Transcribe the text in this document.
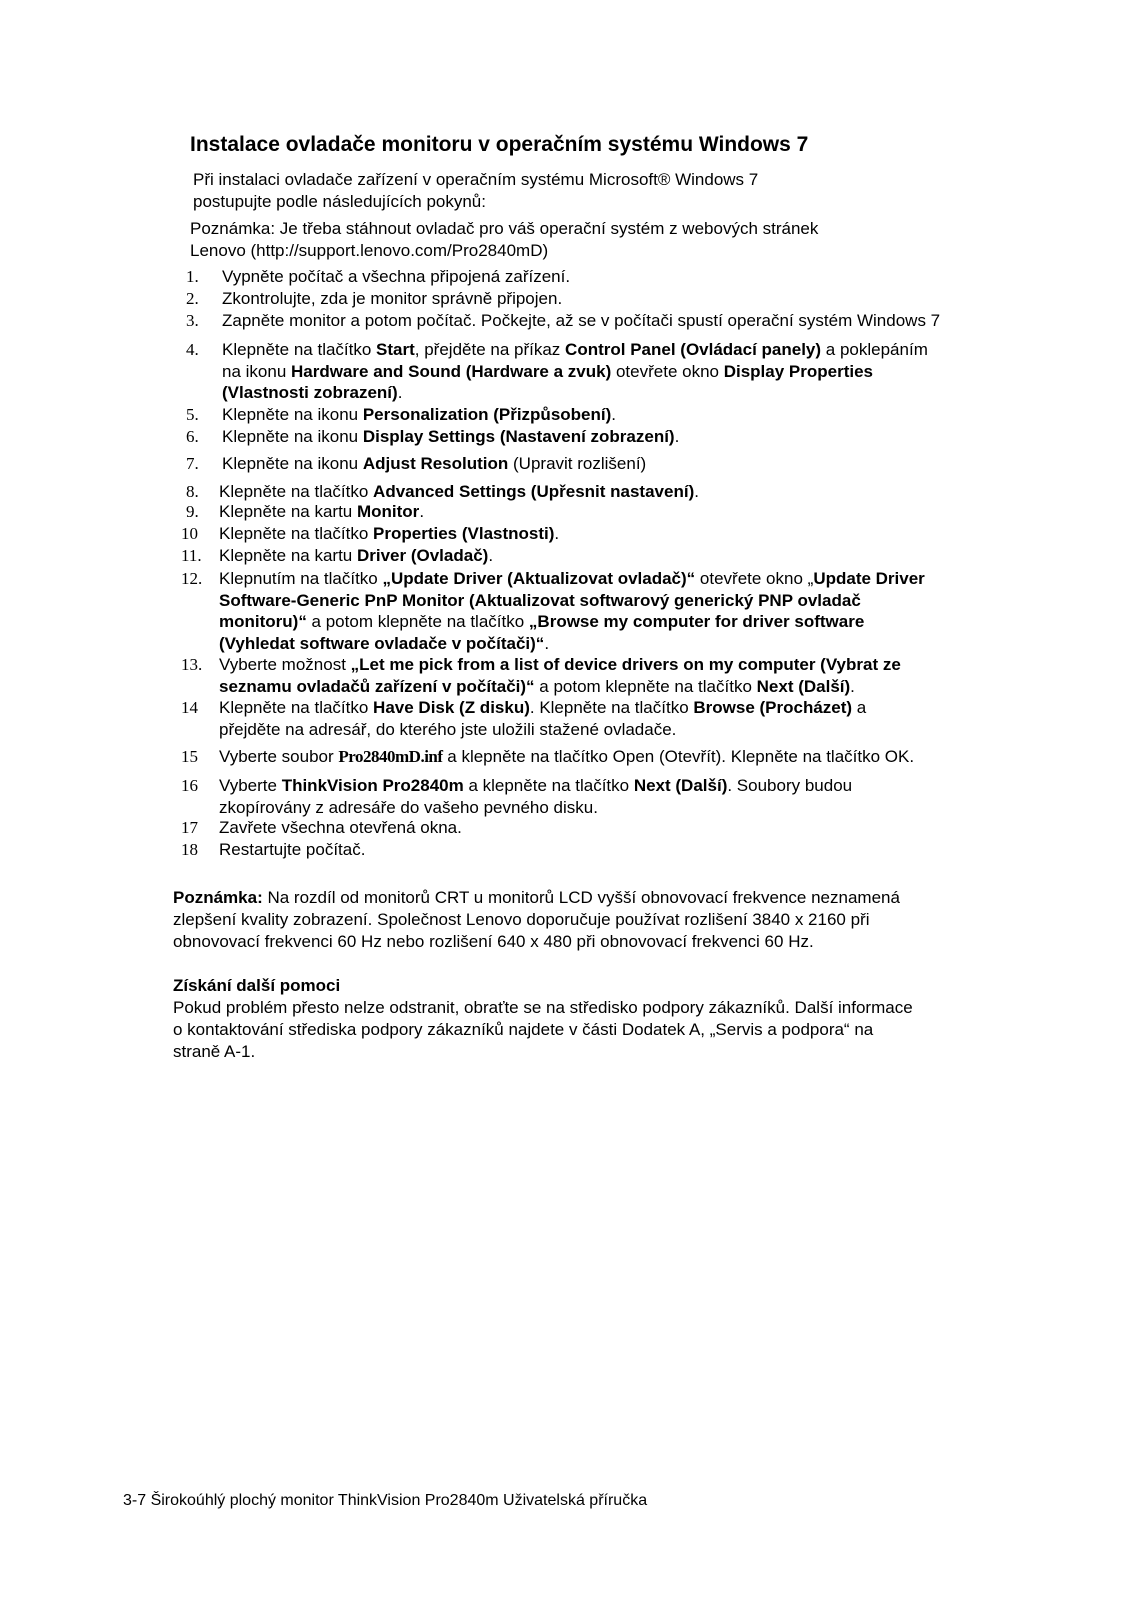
Instalace ovladače monitoru v operačním systému Windows 7
Při instalaci ovladače zařízení v operačním systému Microsoft® Windows 7
postupujte podle následujících pokynů:
Poznámka: Je třeba stáhnout ovladač pro váš operační systém z webových stránek
Lenovo (http://support.lenovo.com/Pro2840mD)
1. Vypněte počítač a všechna připojená zařízení.
2. Zkontrolujte, zda je monitor správně připojen.
3. Zapněte monitor a potom počítač. Počkejte, až se v počítači spustí operační systém Windows 7
4. Klepněte na tlačítko Start, přejděte na příkaz Control Panel (Ovládací panely) a poklepáním
na ikonu Hardware and Sound (Hardware a zvuk) otevřete okno Display Properties
(Vlastnosti zobrazení).
5. Klepněte na ikonu Personalization (Přizpůsobení).
6. Klepněte na ikonu Display Settings (Nastavení zobrazení).
7. Klepněte na ikonu Adjust Resolution (Upravit rozlišení)
8. Klepněte na tlačítko Advanced Settings (Upřesnit nastavení).
9. Klepněte na kartu Monitor.
10 Klepněte na tlačítko Properties (Vlastnosti).
11. Klepněte na kartu Driver (Ovladač).
12. Klepnutím na tlačítko „Update Driver (Aktualizovat ovladač)“ otevřete okno „Update Driver
Software-Generic PnP Monitor (Aktualizovat softwarový generický PNP ovladač
monitoru)“ a potom klepněte na tlačítko „Browse my computer for driver software
(Vyhledat software ovladače v počítači)“.
13. Vyberte možnost „Let me pick from a list of device drivers on my computer (Vybrat ze
seznamu ovladačů zařízení v počítači)“ a potom klepněte na tlačítko Next (Další).
14 Klepněte na tlačítko Have Disk (Z disku). Klepněte na tlačítko Browse (Procházet) a
přejděte na adresář, do kterého jste uložili stažené ovladače.
15 Vyberte soubor Pro2840mD.inf a klepněte na tlačítko Open (Otevřít). Klepněte na tlačítko OK.
16 Vyberte ThinkVision Pro2840m a klepněte na tlačítko Next (Další). Soubory budou
zkopírovány z adresáře do vašeho pevného disku.
17 Zavřete všechna otevřená okna.
18 Restartujte počítač.
Poznámka: Na rozdíl od monitorů CRT u monitorů LCD vyšší obnovovací frekvence neznamená
zlepšení kvality zobrazení. Společnost Lenovo doporučuje používat rozlišení 3840 x 2160 při
obnovovací frekvenci 60 Hz nebo rozlišení 640 x 480 při obnovovací frekvenci 60 Hz.
Získání další pomoci
Pokud problém přesto nelze odstranit, obraťte se na středisko podpory zákazníků. Další informace
o kontaktování střediska podpory zákazníků najdete v části Dodatek A, „Servis a podpora“ na
straně A-1.
3-7 Širokoúhlý plochý monitor ThinkVision Pro2840m Uživatelská příručka
